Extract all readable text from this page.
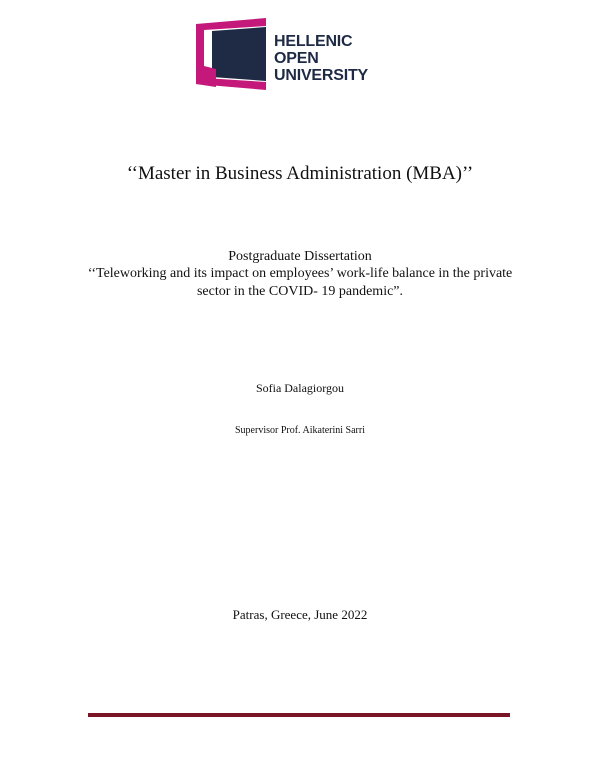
HELLENIC
OPEN
UNIVERSITY
‘‘Master in Business Administration (MBA)’’
Postgraduate Dissertation
‘‘Teleworking and its impact on employees’ work-life balance in the private sector in the COVID- 19 pandemic”.
Sofia Dalagiorgou
Supervisor Prof. Aikaterini Sarri
Patras, Greece, June 2022
